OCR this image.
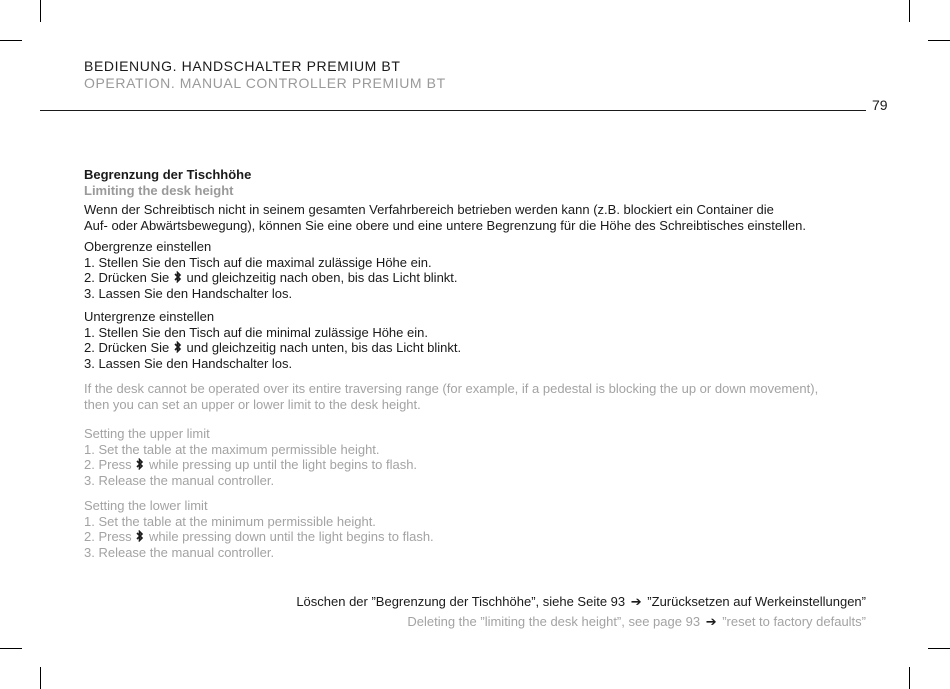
BEDIENUNG. HANDSCHALTER PREMIUM BT
OPERATION. MANUAL CONTROLLER PREMIUM BT
79
Begrenzung der Tischhöhe
Limiting the desk height
Wenn der Schreibtisch nicht in seinem gesamten Verfahrbereich betrieben werden kann (z.B. blockiert ein Container die
Auf- oder Abwärtsbewegung), können Sie eine obere und eine untere Begrenzung für die Höhe des Schreibtisches einstellen.
Obergrenze einstellen
1. Stellen Sie den Tisch auf die maximal zulässige Höhe ein.
2. Drücken Sie und gleichzeitig nach oben, bis das Licht blinkt.
3. Lassen Sie den Handschalter los.
Untergrenze einstellen
1. Stellen Sie den Tisch auf die minimal zulässige Höhe ein.
2. Drücken Sie und gleichzeitig nach unten, bis das Licht blinkt.
3. Lassen Sie den Handschalter los.
If the desk cannot be operated over its entire traversing range (for example, if a pedestal is blocking the up or down movement),
then you can set an upper or lower limit to the desk height.
Setting the upper limit
1. Set the table at the maximum permissible height.
2. Press while pressing up until the light begins to flash.
3. Release the manual controller.
Setting the lower limit
1. Set the table at the minimum permissible height.
2. Press while pressing down until the light begins to flash.
3. Release the manual controller.
Löschen der ”Begrenzung der Tischhöhe”, siehe Seite 93 ➔ ”Zurücksetzen auf Werkeinstellungen”
Deleting the ”limiting the desk height”, see page 93 ➔ ”reset to factory defaults”
